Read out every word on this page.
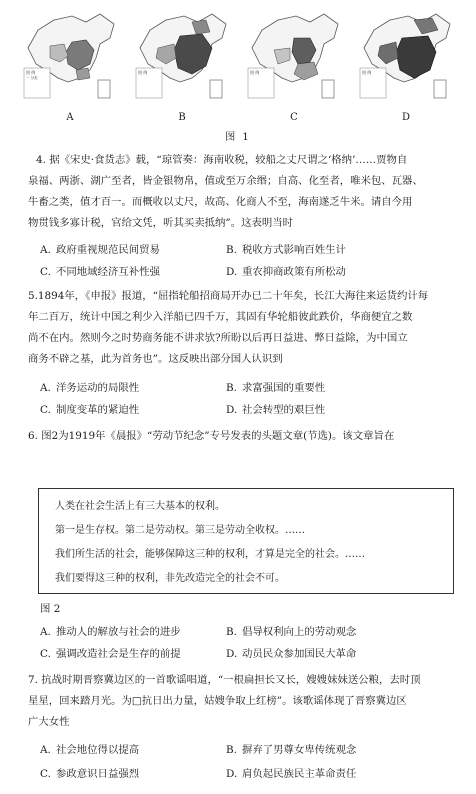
图 例
一 分类
A
图 例
B
图 例
C
图 例
D
图 1
4. 据《宋史·食货志》载，“琼管奏：海南收税，较船之丈尺谓之‘格纳’……贾物自
泉福、两浙、湖广至者，皆金银物帛，值或至万余缗；自高、化至者，唯米包、瓦器、
牛畜之类，值才百一。而概收以丈尺，故高、化商人不至，海南遂乏牛米。请自今用
物贯钱多寡计税，官给文凭，听其买卖抵纳”。这表明当时
A. 政府重视规范民间贸易	B. 税收方式影响百姓生计
C. 不同地域经济互补性强	D. 重农抑商政策有所松动
5.1894年，《申报》报道，“屈指轮船招商局开办已二十年矣，长江大海往来运货约计每
年二百万，统计中国之利少入洋船已四千万，其固有华轮船彼此跌价，华商便宜之数
尚不在内。然则今之时势商务能不讲求欤?所盼以后再日益进、弊日益除，为中国立
商务不辟之基，此为首务也”。这反映出部分国人认识到
A. 洋务运动的局限性	B. 求富强国的重要性
C. 制度变革的紧迫性	D. 社会转型的艰巨性
6. 图2为1919年《晨报》“劳动节纪念”专号发表的头题文章(节选)。该文章旨在
人类在社会生活上有三大基本的权利。
第一是生存权。第二是劳动权。第三是劳动全收权。……
我们所生活的社会，能够保障这三种的权利，才算是完全的社会。……
我们要得这三种的权利，非先改造完全的社会不可。
图 2
A. 推动人的解放与社会的进步	B. 倡导权利向上的劳动观念
C. 强调改造社会是生存的前提	D. 动员民众参加国民大革命
7. 抗战时期晋察冀边区的一首歌谣唱道，“一根扁担长又长，嫂嫂妹妹送公粮，去时顶
星星，回来踏月光。为□抗日出力量，姑嫂争取上红榜”。该歌谣体现了晋察冀边区
广大女性
A. 社会地位得以提高	B. 摒弃了男尊女卑传统观念
C. 参政意识日益强烈	D. 肩负起民族民主革命责任
